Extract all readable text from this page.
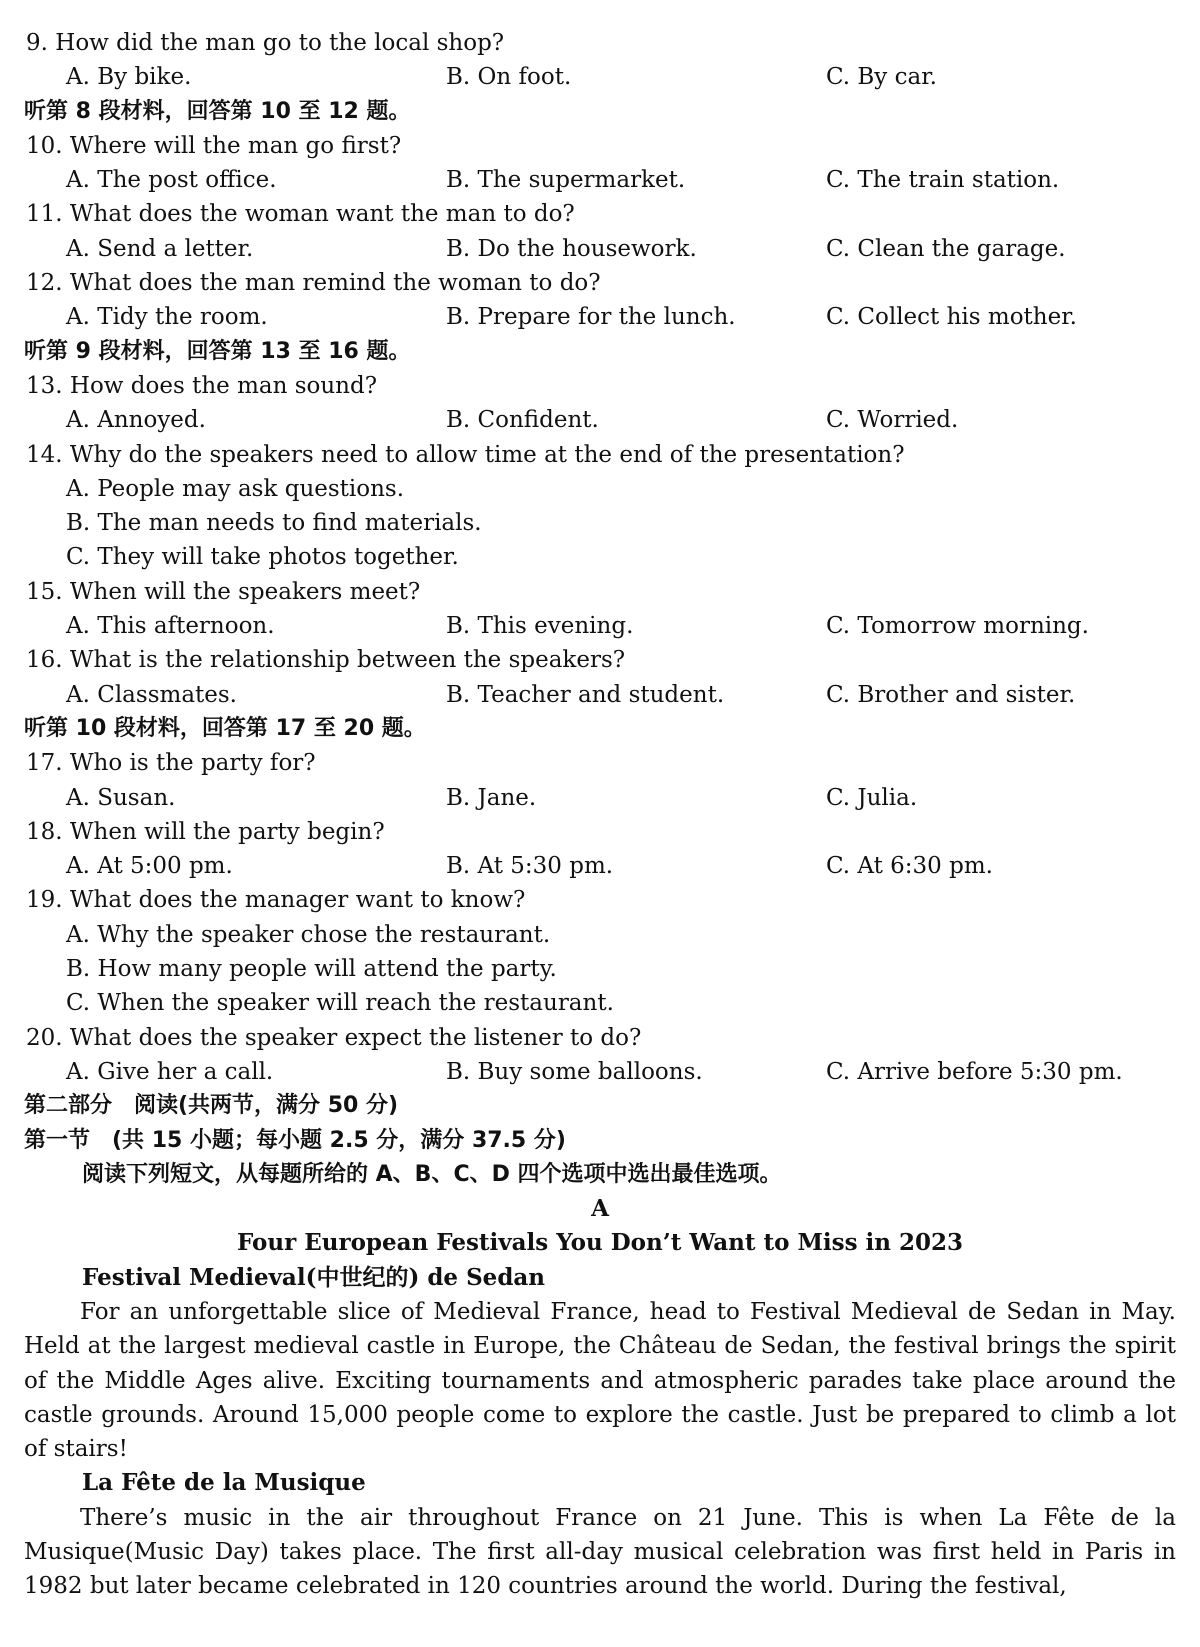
9. How did the man go to the local shop?
A. By bike.	B. On foot.	C. By car.
听第 8 段材料，回答第 10 至 12 题。
10. Where will the man go first?
A. The post office.	B. The supermarket.	C. The train station.
11. What does the woman want the man to do?
A. Send a letter.	B. Do the housework.	C. Clean the garage.
12. What does the man remind the woman to do?
A. Tidy the room.	B. Prepare for the lunch.	C. Collect his mother.
听第 9 段材料，回答第 13 至 16 题。
13. How does the man sound?
A. Annoyed.	B. Confident.	C. Worried.
14. Why do the speakers need to allow time at the end of the presentation?
A. People may ask questions.
B. The man needs to find materials.
C. They will take photos together.
15. When will the speakers meet?
A. This afternoon.	B. This evening.	C. Tomorrow morning.
16. What is the relationship between the speakers?
A. Classmates.	B. Teacher and student.	C. Brother and sister.
听第 10 段材料，回答第 17 至 20 题。
17. Who is the party for?
A. Susan.	B. Jane.	C. Julia.
18. When will the party begin?
A. At 5:00 pm.	B. At 5:30 pm.	C. At 6:30 pm.
19. What does the manager want to know?
A. Why the speaker chose the restaurant.
B. How many people will attend the party.
C. When the speaker will reach the restaurant.
20. What does the speaker expect the listener to do?
A. Give her a call.	B. Buy some balloons.	C. Arrive before 5:30 pm.
第二部分　阅读(共两节，满分 50 分)
第一节　(共 15 小题；每小题 2.5 分，满分 37.5 分)
阅读下列短文，从每题所给的 A、B、C、D 四个选项中选出最佳选项。
A
Four European Festivals You Don’t Want to Miss in 2023
Festival Medieval(中世纪的) de Sedan

For an unforgettable slice of Medieval France, head to Festival Medieval de Sedan in May. Held at the largest medieval castle in Europe, the Château de Sedan, the festival brings the spirit of the Middle Ages alive. Exciting tournaments and atmospheric parades take place around the castle grounds. Around 15,000 people come to explore the castle. Just be prepared to climb a lot of stairs!

La Fête de la Musique

There’s music in the air throughout France on 21 June. This is when La Fête de la Musique(Music Day) takes place. The first all-day musical celebration was first held in Paris in 1982 but later became celebrated in 120 countries around the world. During the festival,
